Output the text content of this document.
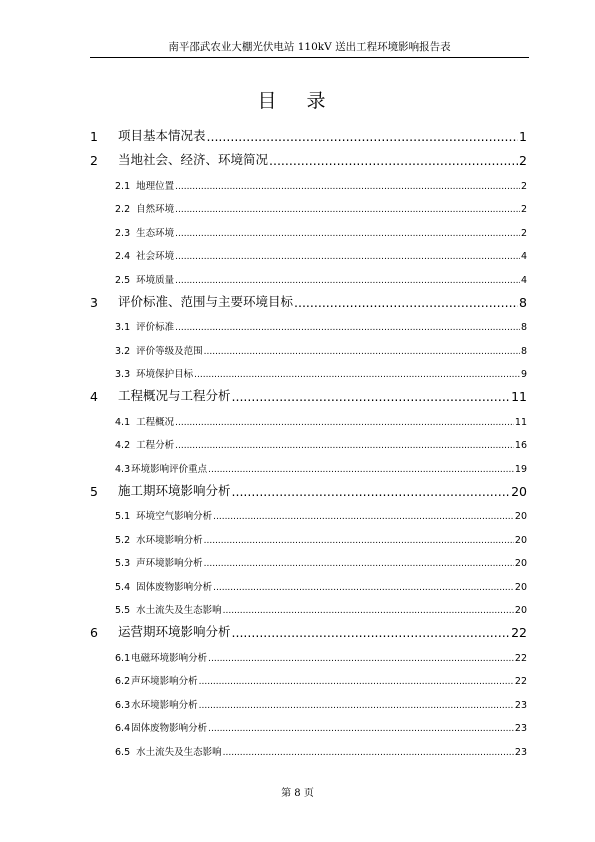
南平邵武农业大棚光伏电站 110kV 送出工程环境影响报告表
目 录
1	项目基本情况表 .....	1
2	当地社会、经济、环境简况 .....	2
2.1 地理位置 .....	2
2.2 自然环境 .....	2
2.3 生态环境 .....	2
2.4 社会环境 .....	4
2.5 环境质量 .....	4
3	评价标准、范围与主要环境目标 .....	8
3.1 评价标准 .....	8
3.2 评价等级及范围 .....	8
3.3 环境保护目标 .....	9
4	工程概况与工程分析 .....	11
4.1 工程概况 .....	11
4.2 工程分析 .....	16
4.3 环境影响评价重点 .....	19
5	施工期环境影响分析 .....	20
5.1 环境空气影响分析 .....	20
5.2 水环境影响分析 .....	20
5.3 声环境影响分析 .....	20
5.4 固体废物影响分析 .....	20
5.5 水土流失及生态影响 .....	20
6	运营期环境影响分析 .....	22
6.1 电磁环境影响分析 .....	22
6.2 声环境影响分析 .....	22
6.3 水环境影响分析 .....	23
6.4 固体废物影响分析 .....	23
6.5 水土流失及生态影响 .....	23
第 8 页
